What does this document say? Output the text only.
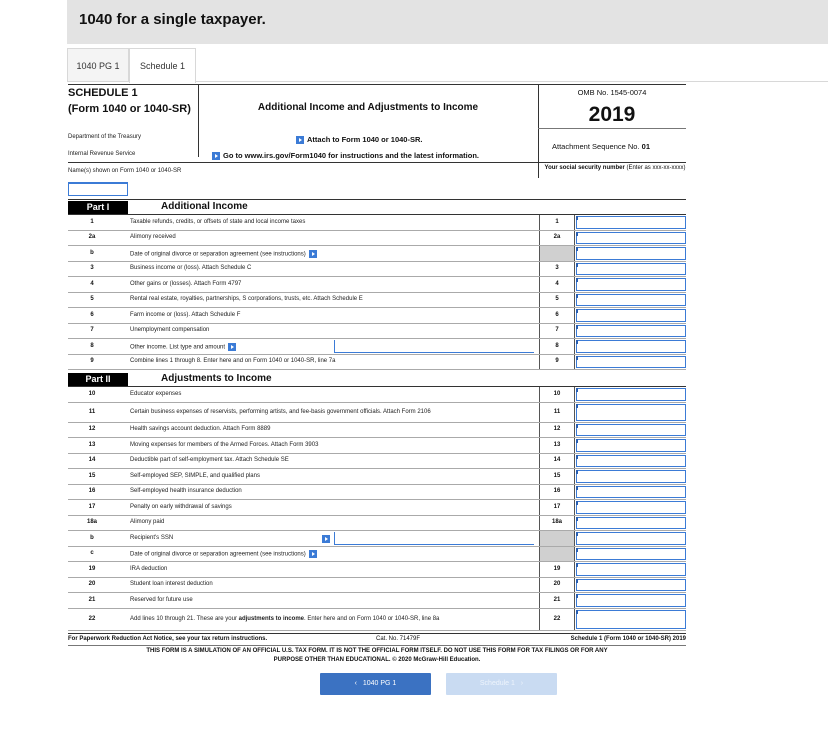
1040 for a single taxpayer.
1040 PG 1	Schedule 1
SCHEDULE 1
(Form 1040 or 1040-SR)	Additional Income and Adjustments to Income
Department of the Treasury
Internal Revenue Service
Attach to Form 1040 or 1040-SR.
Go to www.irs.gov/Form1040 for instructions and the latest information.
OMB No. 1545-0074
2019
Attachment Sequence No. 01
Name(s) shown on Form 1040 or 1040-SR	Your social security number (Enter as xxx-xx-xxxx)
Part I	Additional Income
1	Taxable refunds, credits, or offsets of state and local income taxes	1
2a	Alimony received	2a
b	Date of original divorce or separation agreement (see instructions)
3	Business income or (loss). Attach Schedule C	3
4	Other gains or (losses). Attach Form 4797	4
5	Rental real estate, royalties, partnerships, S corporations, trusts, etc. Attach Schedule E	5
6	Farm income or (loss). Attach Schedule F	6
7	Unemployment compensation	7
8	Other income. List type and amount	8
9	Combine lines 1 through 8. Enter here and on Form 1040 or 1040-SR, line 7a	9
Part II	Adjustments to Income
10	Educator expenses	10
11	Certain business expenses of reservists, performing artists, and fee-basis government officials. Attach Form 2106	11
12	Health savings account deduction. Attach Form 8889	12
13	Moving expenses for members of the Armed Forces. Attach Form 3903	13
14	Deductible part of self-employment tax. Attach Schedule SE	14
15	Self-employed SEP, SIMPLE, and qualified plans	15
16	Self-employed health insurance deduction	16
17	Penalty on early withdrawal of savings	17
18a	Alimony paid	18a
b	Recipient's SSN
c	Date of original divorce or separation agreement (see instructions)
19	IRA deduction	19
20	Student loan interest deduction	20
21	Reserved for future use	21
22	Add lines 10 through 21. These are your adjustments to income. Enter here and on Form 1040 or 1040-SR, line 8a	22
For Paperwork Reduction Act Notice, see your tax return instructions.	Cat. No. 71479F	Schedule 1 (Form 1040 or 1040-SR) 2019
THIS FORM IS A SIMULATION OF AN OFFICIAL U.S. TAX FORM. IT IS NOT THE OFFICIAL FORM ITSELF. DO NOT USE THIS FORM FOR TAX FILINGS OR FOR ANY
PURPOSE OTHER THAN EDUCATIONAL. © 2020 McGraw-Hill Education.
‹ 1040 PG 1	Schedule 1 ›
